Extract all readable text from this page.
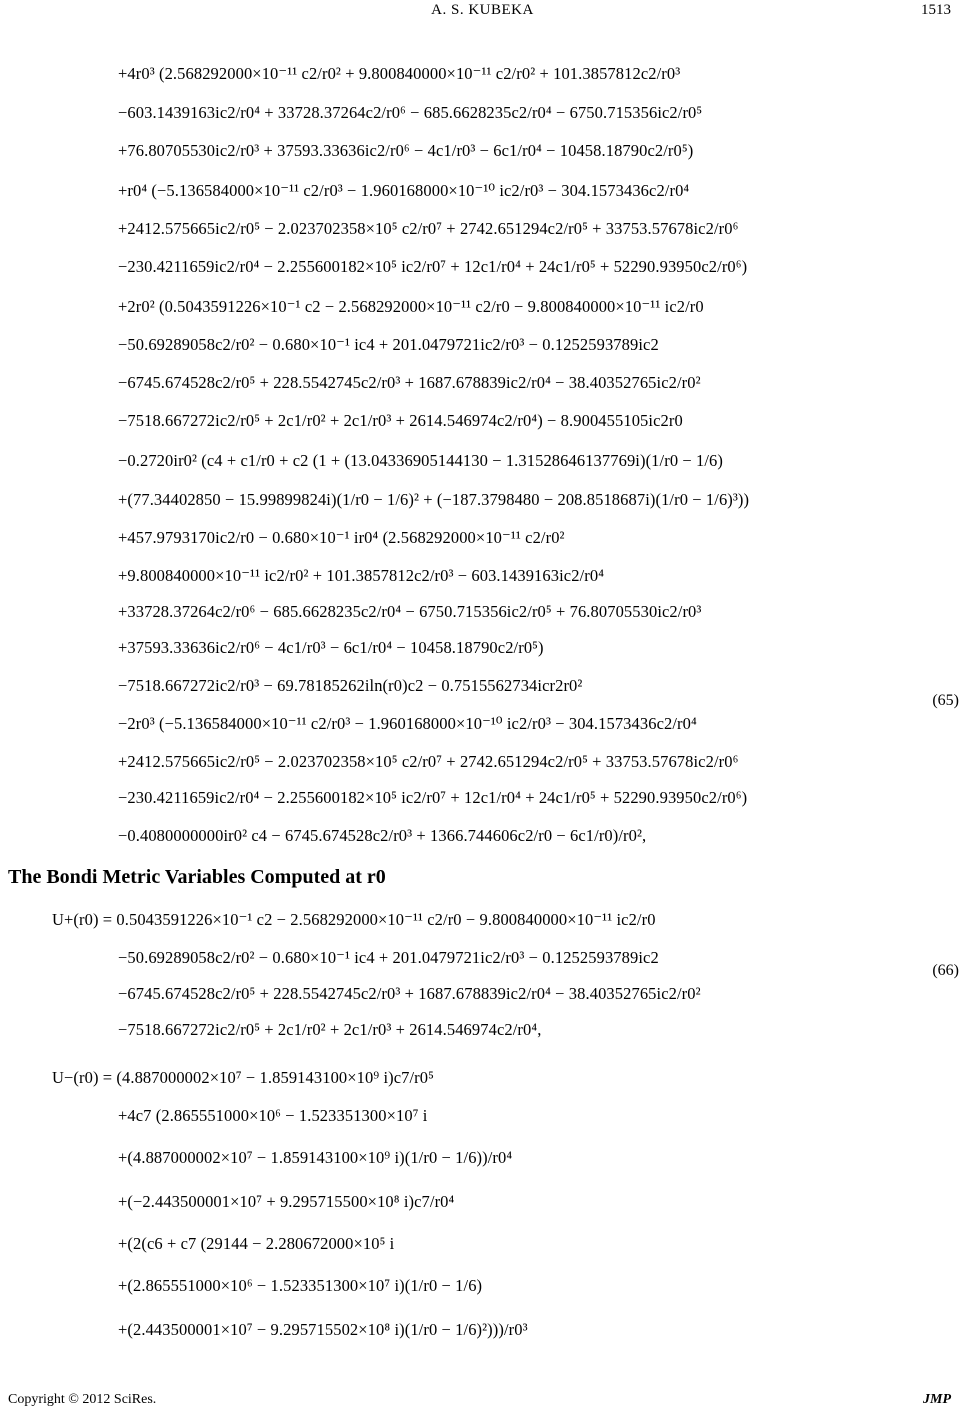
A. S. KUBEKA	1513
+4r0³ (2.568292000×10⁻¹¹ c2/r0² + 9.800840000×10⁻¹¹ c2/r0² + 101.3857812c2/r0³
−603.1439163ic2/r0⁴ + 33728.37264c2/r0⁶ − 685.6628235c2/r0⁴ − 6750.715356ic2/r0⁵
+76.80705530ic2/r0³ + 37593.33636ic2/r0⁶ − 4c1/r0³ − 6c1/r0⁴ − 10458.18790c2/r0⁵)
+r0⁴ (−5.136584000×10⁻¹¹ c2/r0³ − 1.960168000×10⁻¹⁰ ic2/r0³ − 304.1573436c2/r0⁴
+2412.575665ic2/r0⁵ − 2.023702358×10⁵ c2/r0⁷ + 2742.651294c2/r0⁵ + 33753.57678ic2/r0⁶
−230.4211659ic2/r0⁴ − 2.255600182×10⁵ ic2/r0⁷ + 12c1/r0⁴ + 24c1/r0⁵ + 52290.93950c2/r0⁶)
+2r0² (0.5043591226×10⁻¹ c2 − 2.568292000×10⁻¹¹ c2/r0 − 9.800840000×10⁻¹¹ ic2/r0
−50.69289058c2/r0² − 0.680×10⁻¹ ic4 + 201.0479721ic2/r0³ − 0.1252593789ic2
−6745.674528c2/r0⁵ + 228.5542745c2/r0³ + 1687.678839ic2/r0⁴ − 38.40352765ic2/r0²
−7518.667272ic2/r0⁵ + 2c1/r0² + 2c1/r0³ + 2614.546974c2/r0⁴) − 8.900455105ic2r0
−0.2720ir0² (c4 + c1/r0 + c2 (1 + (13.04336905144130 − 1.31528646137769i)(1/r0 − 1/6)
+(77.34402850 − 15.99899824i)(1/r0 − 1/6)² + (−187.3798480 − 208.8518687i)(1/r0 − 1/6)³))
+457.9793170ic2/r0 − 0.680×10⁻¹ ir0⁴ (2.568292000×10⁻¹¹ c2/r0²
+9.800840000×10⁻¹¹ ic2/r0² + 101.3857812c2/r0³ − 603.1439163ic2/r0⁴
+33728.37264c2/r0⁶ − 685.6628235c2/r0⁴ − 6750.715356ic2/r0⁵ + 76.80705530ic2/r0³
+37593.33636ic2/r0⁶ − 4c1/r0³ − 6c1/r0⁴ − 10458.18790c2/r0⁵)
−7518.667272ic2/r0³ − 69.78185262iln(r0)c2 − 0.7515562734icr2r0²
−2r0³ (−5.136584000×10⁻¹¹ c2/r0³ − 1.960168000×10⁻¹⁰ ic2/r0³ − 304.1573436c2/r0⁴
+2412.575665ic2/r0⁵ − 2.023702358×10⁵ c2/r0⁷ + 2742.651294c2/r0⁵ + 33753.57678ic2/r0⁶
−230.4211659ic2/r0⁴ − 2.255600182×10⁵ ic2/r0⁷ + 12c1/r0⁴ + 24c1/r0⁵ + 52290.93950c2/r0⁶)
−0.4080000000ir0² c4 − 6745.674528c2/r0³ + 1366.744606c2/r0 − 6c1/r0)/r0²,
(65)
The Bondi Metric Variables Computed at r0
U+(r0) = 0.5043591226×10⁻¹ c2 − 2.568292000×10⁻¹¹ c2/r0 − 9.800840000×10⁻¹¹ ic2/r0
−50.69289058c2/r0² − 0.680×10⁻¹ ic4 + 201.0479721ic2/r0³ − 0.1252593789ic2
−6745.674528c2/r0⁵ + 228.5542745c2/r0³ + 1687.678839ic2/r0⁴ − 38.40352765ic2/r0²
−7518.667272ic2/r0⁵ + 2c1/r0² + 2c1/r0³ + 2614.546974c2/r0⁴,
(66)
U−(r0) = (4.887000002×10⁷ − 1.859143100×10⁹ i)c7/r0⁵
+4c7 (2.865551000×10⁶ − 1.523351300×10⁷ i
+(4.887000002×10⁷ − 1.859143100×10⁹ i)(1/r0 − 1/6))/r0⁴
+(−2.443500001×10⁷ + 9.295715500×10⁸ i)c7/r0⁴
+(2(c6 + c7 (29144 − 2.280672000×10⁵ i
+(2.865551000×10⁶ − 1.523351300×10⁷ i)(1/r0 − 1/6)
+(2.443500001×10⁷ − 9.295715502×10⁸ i)(1/r0 − 1/6)²)))/r0³
Copyright © 2012 SciRes.	JMP
